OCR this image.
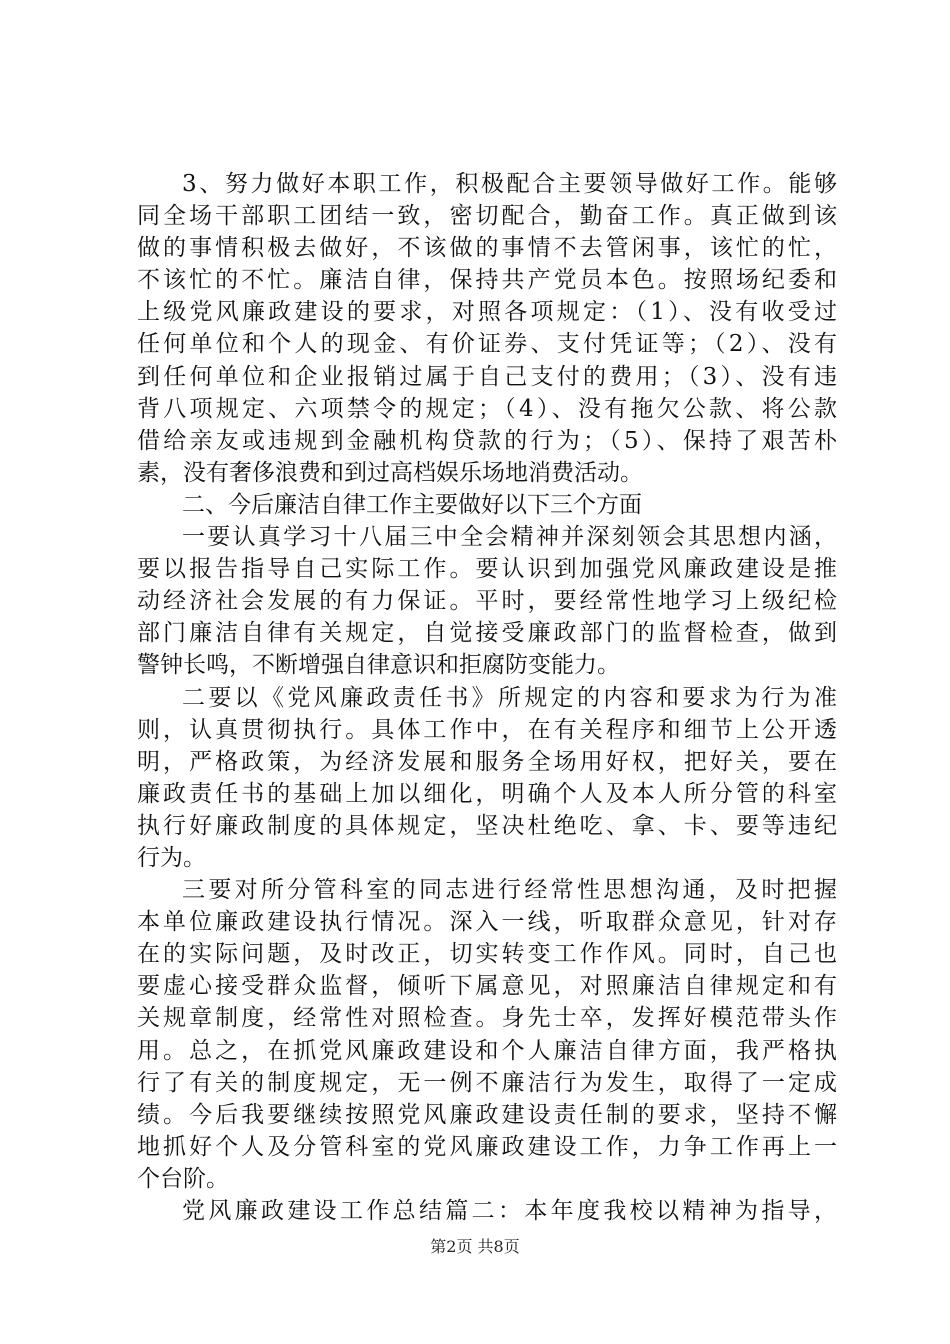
3、努力做好本职工作，积极配合主要领导做好工作。能够
同全场干部职工团结一致，密切配合，勤奋工作。真正做到该
做的事情积极去做好，不该做的事情不去管闲事，该忙的忙，
不该忙的不忙。廉洁自律，保持共产党员本色。按照场纪委和
上级党风廉政建设的要求，对照各项规定：（1）、没有收受过
任何单位和个人的现金、有价证券、支付凭证等；（2）、没有
到任何单位和企业报销过属于自己支付的费用；（3）、没有违
背八项规定、六项禁令的规定；（4）、没有拖欠公款、将公款
借给亲友或违规到金融机构贷款的行为；（5）、保持了艰苦朴
素，没有奢侈浪费和到过高档娱乐场地消费活动。
二、今后廉洁自律工作主要做好以下三个方面
一要认真学习十八届三中全会精神并深刻领会其思想内涵，
要以报告指导自己实际工作。要认识到加强党风廉政建设是推
动经济社会发展的有力保证。平时，要经常性地学习上级纪检
部门廉洁自律有关规定，自觉接受廉政部门的监督检查，做到
警钟长鸣，不断增强自律意识和拒腐防变能力。
二要以《党风廉政责任书》所规定的内容和要求为行为准
则，认真贯彻执行。具体工作中，在有关程序和细节上公开透
明，严格政策，为经济发展和服务全场用好权，把好关，要在
廉政责任书的基础上加以细化，明确个人及本人所分管的科室
执行好廉政制度的具体规定，坚决杜绝吃、拿、卡、要等违纪
行为。
三要对所分管科室的同志进行经常性思想沟通，及时把握
本单位廉政建设执行情况。深入一线，听取群众意见，针对存
在的实际问题，及时改正，切实转变工作作风。同时，自己也
要虚心接受群众监督，倾听下属意见，对照廉洁自律规定和有
关规章制度，经常性对照检查。身先士卒，发挥好模范带头作
用。总之，在抓党风廉政建设和个人廉洁自律方面，我严格执
行了有关的制度规定，无一例不廉洁行为发生，取得了一定成
绩。今后我要继续按照党风廉政建设责任制的要求，坚持不懈
地抓好个人及分管科室的党风廉政建设工作，力争工作再上一
个台阶。
党风廉政建设工作总结篇二：本年度我校以精神为指导，
第2页 共8页
